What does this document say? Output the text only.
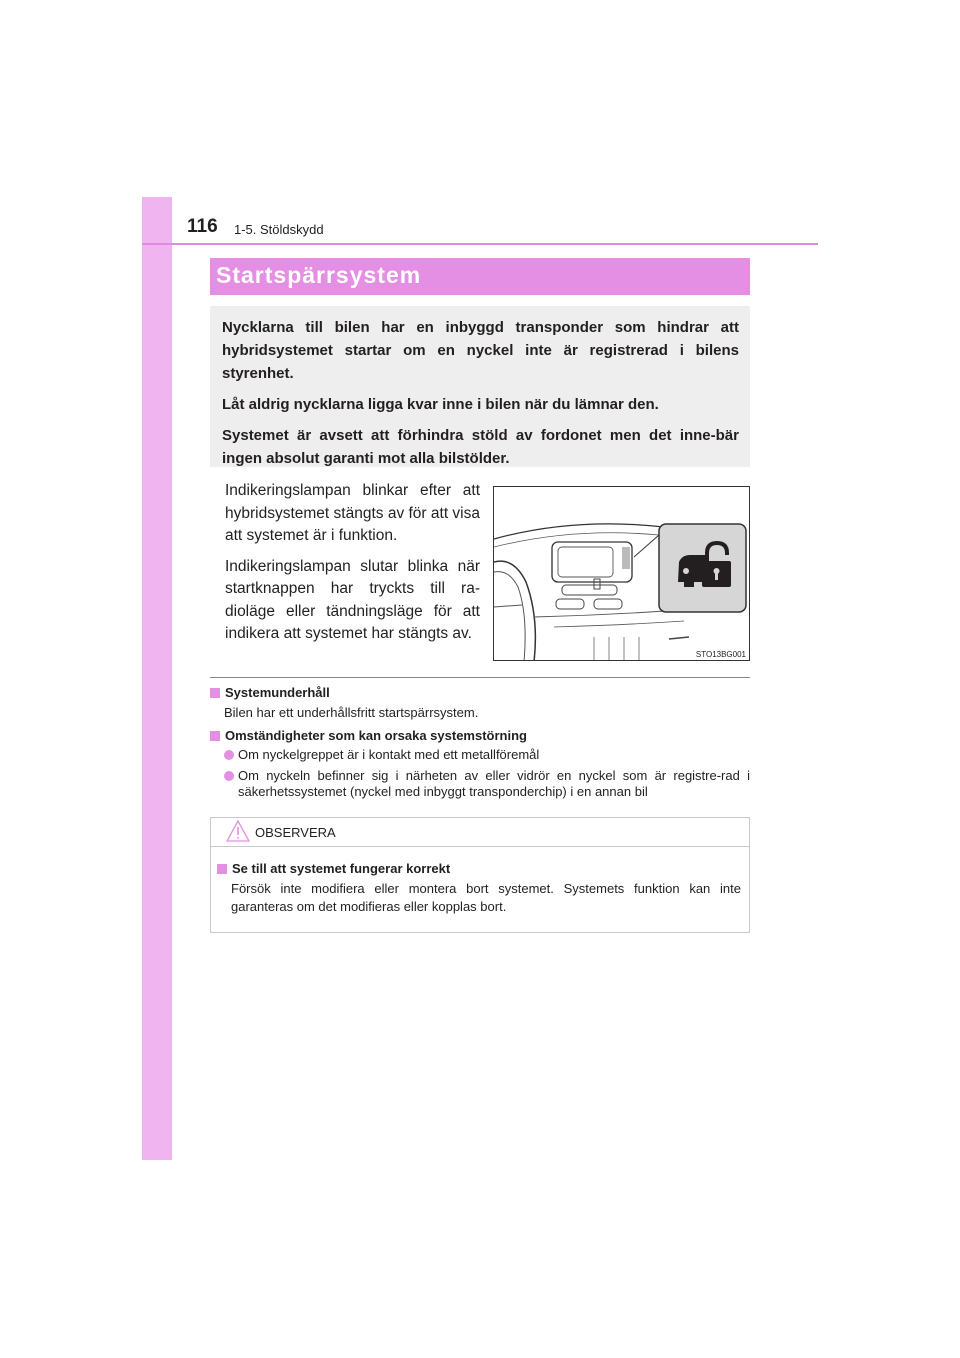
116 1-5. Stöldskydd
Startspärrsystem

Nycklarna till bilen har en inbyggd transponder som hindrar att hybridsystemet startar om en nyckel inte är registrerad i bilens styrenhet.

Låt aldrig nycklarna ligga kvar inne i bilen när du lämnar den.

Systemet är avsett att förhindra stöld av fordonet men det inne-bär ingen absolut garanti mot alla bilstölder.

Indikeringslampan blinkar efter att hybridsystemet stängts av för att visa att systemet är i funktion.

Indikeringslampan slutar blinka när startknappen har tryckts till ra-dioläge eller tändningsläge för att indikera att systemet har stängts av.

STO13BG001

Systemunderhåll

Bilen har ett underhållsfritt startspärrsystem.

Omständigheter som kan orsaka systemstörning

Om nyckelgreppet är i kontakt med ett metallföremål

Om nyckeln befinner sig i närheten av eller vidrör en nyckel som är registre-rad i säkerhetssystemet (nyckel med inbyggt transponderchip) i en annan bil

OBSERVERA

Se till att systemet fungerar korrekt

Försök inte modifiera eller montera bort systemet. Systemets funktion kan inte garanteras om det modifieras eller kopplas bort.
